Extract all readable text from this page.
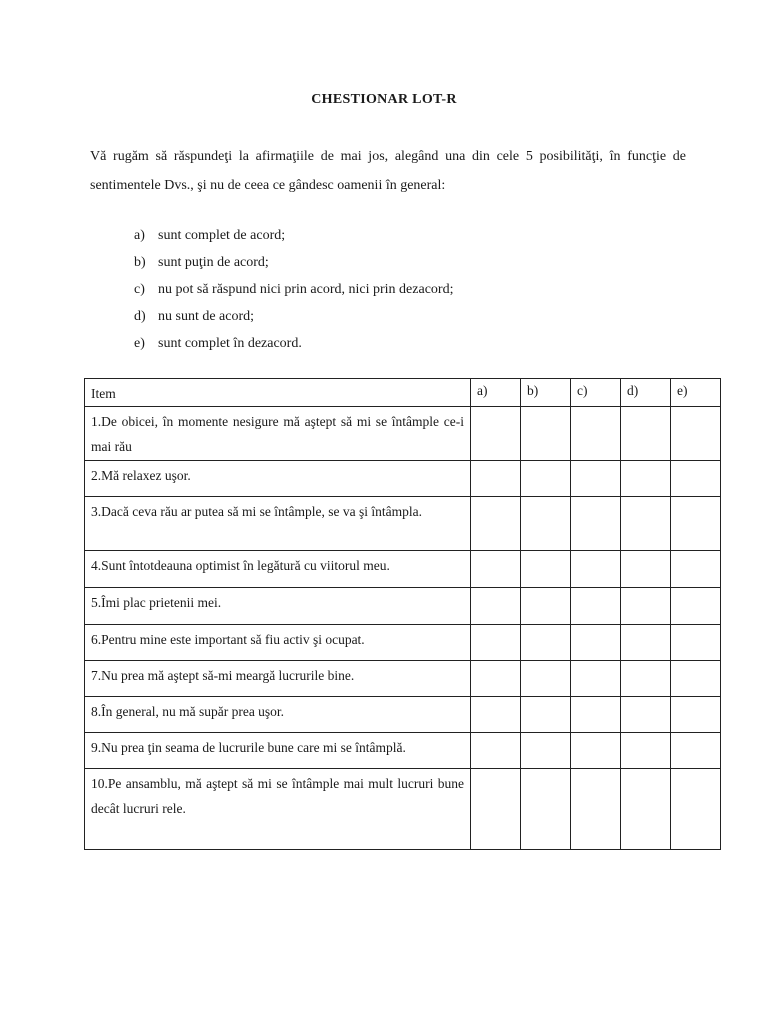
CHESTIONAR LOT-R
Vă rugăm să răspundeţi la afirmaţiile de mai jos, alegând una din cele 5 posibilităţi, în funcţie de sentimentele Dvs., şi nu de ceea ce gândesc oamenii în general:
a) sunt complet de acord;
b) sunt puţin de acord;
c) nu pot să răspund nici prin acord, nici prin dezacord;
d) nu sunt de acord;
e) sunt complet în dezacord.
Item	a)	b)	c)	d)	e)
1.De obicei, în momente nesigure mă aştept să mi se întâmple ce-i mai rău					
2.Mă relaxez uşor.					
3.Dacă ceva rău ar putea să mi se întâmple, se va şi întâmpla.					
4.Sunt întotdeauna optimist în legătură cu viitorul meu.					
5.Îmi plac prietenii mei.					
6.Pentru mine este important să fiu activ şi ocupat.					
7.Nu prea mă aştept să-mi meargă lucrurile bine.					
8.În general, nu mă supăr prea uşor.					
9.Nu prea ţin seama de lucrurile bune care mi se întâmplă.					
10.Pe ansamblu, mă aştept să mi se întâmple mai mult lucruri bune decât lucruri rele.					
